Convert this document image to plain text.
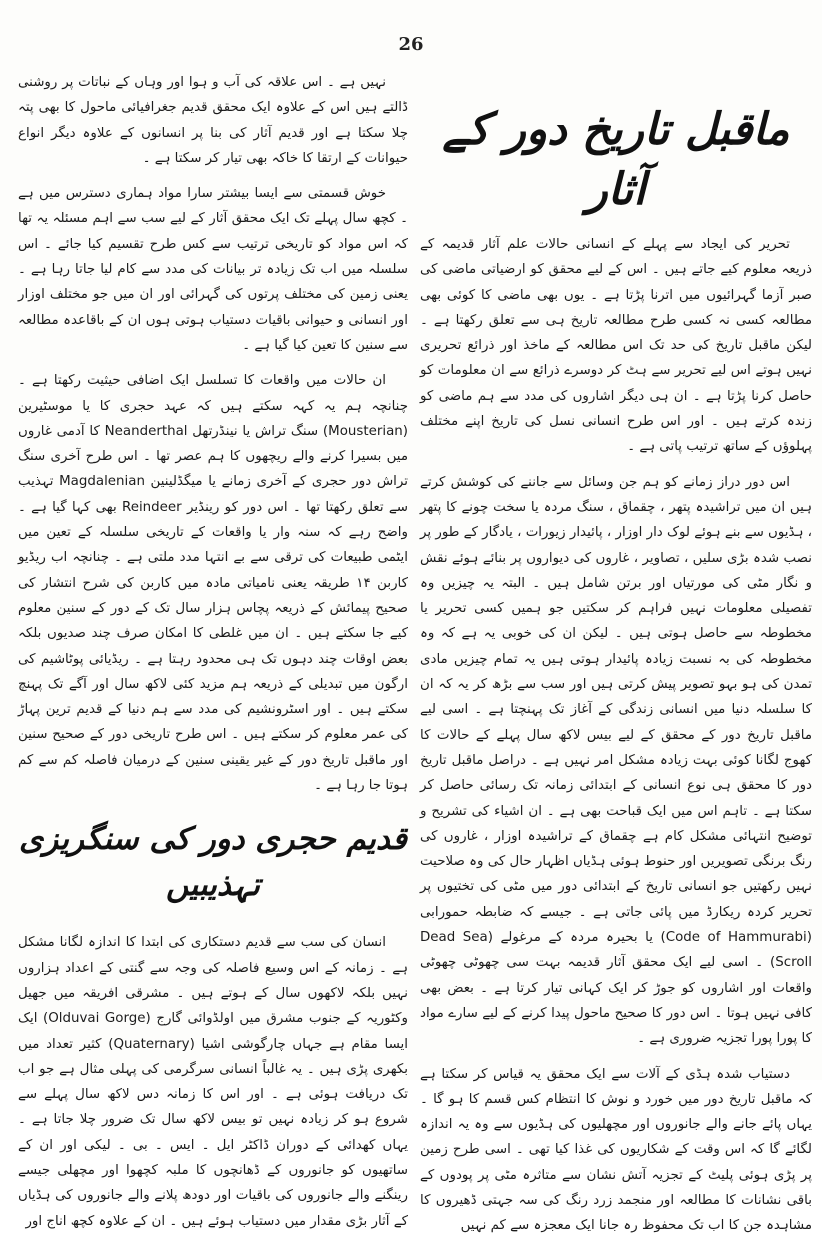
26
ماقبل تاریخ دور کے آثار

تحریر کی ایجاد سے پہلے کے انسانی حالات علم آثار قدیمہ کے ذریعہ معلوم کیے جاتے ہیں ۔ اس کے لیے محقق کو ارضیاتی ماضی کی صبر آزما گہرائیوں میں اترنا پڑتا ہے ۔ یوں بھی ماضی کا کوئی بھی مطالعہ کسی نہ کسی طرح مطالعہ تاریخ ہی سے تعلق رکھتا ہے ۔ لیکن ماقبل تاریخ کی حد تک اس مطالعہ کے ماخذ اور ذرائع تحریری نہیں ہوتے اس لیے تحریر سے ہٹ کر دوسرے ذرائع سے ان معلومات کو حاصل کرنا پڑتا ہے ۔ ان ہی دیگر اشاروں کی مدد سے ہم ماضی کو زندہ کرتے ہیں ۔ اور اس طرح انسانی نسل کی تاریخ اپنے مختلف پہلوؤں کے ساتھ ترتیب پاتی ہے ۔

اس دور دراز زمانے کو ہم جن وسائل سے جاننے کی کوشش کرتے ہیں ان میں تراشیدہ پتھر ، چقماق ، سنگ مردہ یا سخت چونے کا پتھر ، ہڈیوں سے بنے ہوئے لوک دار اوزار ، پائیدار زیورات ، یادگار کے طور پر نصب شدہ بڑی سلیں ، تصاویر ، غاروں کی دیواروں پر بنائے ہوئے نقش و نگار مٹی کی مورتیاں اور برتن شامل ہیں ۔ البتہ یہ چیزیں وہ تفصیلی معلومات نہیں فراہم کر سکتیں جو ہمیں کسی تحریر یا مخطوطہ سے حاصل ہوتی ہیں ۔ لیکن ان کی خوبی یہ ہے کہ وہ مخطوطہ کی بہ نسبت زیادہ پائیدار ہوتی ہیں یہ تمام چیزیں مادی تمدن کی ہو بہو تصویر پیش کرتی ہیں اور سب سے بڑھ کر یہ کہ ان کا سلسلہ دنیا میں انسانی زندگی کے آغاز تک پہنچتا ہے ۔ اسی لیے ماقبل تاریخ دور کے محقق کے لیے بیس لاکھ سال پہلے کے حالات کا کھوج لگانا کوئی بہت زیادہ مشکل امر نہیں ہے ۔ دراصل ماقبل تاریخ دور کا محقق ہی نوع انسانی کے ابتدائی زمانہ تک رسائی حاصل کر سکتا ہے ۔ تاہم اس میں ایک قباحت بھی ہے ۔ ان اشیاء کی تشریح و توضیح انتہائی مشکل کام ہے چقماق کے تراشیدہ اوزار ، غاروں کی رنگ برنگی تصویریں اور حنوط ہوئی ہڈیاں اظہار حال کی وہ صلاحیت نہیں رکھتیں جو انسانی تاریخ کے ابتدائی دور میں مٹی کی تختیوں پر تحریر کردہ ریکارڈ میں پائی جاتی ہے ۔ جیسے کہ ضابطہ حمورابی (Code of Hammurabi) یا بحیرہ مردہ کے مرغولے (Dead Sea Scroll) ۔ اسی لیے ایک محقق آثار قدیمہ بہت سی چھوٹی چھوٹی واقعات اور اشاروں کو جوڑ کر ایک کہانی تیار کرتا ہے ۔ بعض بھی کافی نہیں ہوتا ۔ اس دور کا صحیح ماحول پیدا کرنے کے لیے سارے مواد کا پورا پورا تجزیہ ضروری ہے ۔

دستیاب شدہ ہڈی کے آلات سے ایک محقق یہ قیاس کر سکتا ہے کہ ماقبل تاریخ دور میں خورد و نوش کا انتظام کس قسم کا ہو گا ۔ یہاں پائے جانے والے جانوروں اور مچھلیوں کی ہڈیوں سے وہ یہ اندازہ لگائے گا کہ اس وقت کے شکاریوں کی غذا کیا تھی ۔ اسی طرح زمین پر پڑی ہوئی پلیٹ کے تجزیہ آتش نشان سے متاثرہ مٹی پر پودوں کے باقی نشانات کا مطالعہ اور منجمد زرد رنگ کی سہ جہتی ڈھیروں کا مشاہدہ جن کا اب تک محفوظ رہ جانا ایک معجزہ سے کم نہیں

نہیں ہے ۔ اس علاقہ کی آب و ہوا اور وہاں کے نباتات پر روشنی ڈالتے ہیں اس کے علاوہ ایک محقق قدیم جغرافیائی ماحول کا بھی پتہ چلا سکتا ہے اور قدیم آثار کی بنا پر انسانوں کے علاوہ دیگر انواع حیوانات کے ارتقا کا خاکہ بھی تیار کر سکتا ہے ۔

خوش قسمتی سے ایسا بیشتر سارا مواد ہماری دسترس میں ہے ۔ کچھ سال پہلے تک ایک محقق آثار کے لیے سب سے اہم مسئلہ یہ تھا کہ اس مواد کو تاریخی ترتیب سے کس طرح تقسیم کیا جائے ۔ اس سلسلہ میں اب تک زیادہ تر بیانات کی مدد سے کام لیا جاتا رہا ہے ۔ یعنی زمین کی مختلف پرتوں کی گہرائی اور ان میں جو مختلف اوزار اور انسانی و حیوانی باقیات دستیاب ہوتی ہوں ان کے باقاعدہ مطالعہ سے سنین کا تعین کیا گیا ہے ۔

ان حالات میں واقعات کا تسلسل ایک اضافی حیثیت رکھتا ہے ۔ چنانچہ ہم یہ کہہ سکتے ہیں کہ عہد حجری کا یا موسٹیرین (Mousterian) سنگ تراش یا نینڈرتھل Neanderthal کا آدمی غاروں میں بسیرا کرنے والے ریچھوں کا ہم عصر تھا ۔ اس طرح آخری سنگ تراش دور حجری کے آخری زمانے یا میگڈلینین Magdalenian تہذیب سے تعلق رکھتا تھا ۔ اس دور کو رینڈیر Reindeer بھی کہا گیا ہے ۔ واضح رہے کہ سنہ وار یا واقعات کے تاریخی سلسلہ کے تعین میں ایٹمی طبیعات کی ترقی سے بے انتہا مدد ملتی ہے ۔ چنانچہ اب ریڈیو کاربن ۱۴ طریقہ یعنی نامیاتی مادہ میں کاربن کی شرح انتشار کی صحیح پیمائش کے ذریعہ پچاس ہزار سال تک کے دور کے سنین معلوم کیے جا سکتے ہیں ۔ ان میں غلطی کا امکان صرف چند صدیوں بلکہ بعض اوقات چند دہوں تک ہی محدود رہتا ہے ۔ ریڈیائی پوٹاشیم کی ارگون میں تبدیلی کے ذریعہ ہم مزید کئی لاکھ سال اور آگے تک پہنچ سکتے ہیں ۔ اور اسٹرونشیم کی مدد سے ہم دنیا کے قدیم ترین پہاڑ کی عمر معلوم کر سکتے ہیں ۔ اس طرح تاریخی دور کے صحیح سنین اور ماقبل تاریخ دور کے غیر یقینی سنین کے درمیان فاصلہ کم سے کم ہوتا جا رہا ہے ۔

قدیم حجری دور کی سنگریزی تہذیبیں

انسان کی سب سے قدیم دستکاری کی ابتدا کا اندازہ لگانا مشکل ہے ۔ زمانہ کے اس وسیع فاصلہ کی وجہ سے گنتی کے اعداد ہزاروں نہیں بلکہ لاکھوں سال کے ہوتے ہیں ۔ مشرقی افریقہ میں جھیل وکٹوریہ کے جنوب مشرق میں اولڈوائی گارج (Olduvai Gorge) ایک ایسا مقام ہے جہاں چارگوشی اشیا (Quaternary) کثیر تعداد میں بکھری پڑی ہیں ۔ یہ غالباً انسانی سرگرمی کی پہلی مثال ہے جو اب تک دریافت ہوئی ہے ۔ اور اس کا زمانہ دس لاکھ سال پہلے سے شروع ہو کر زیادہ نہیں تو بیس لاکھ سال تک ضرور چلا جاتا ہے ۔ یہاں کھدائی کے دوران ڈاکٹر ایل ۔ ایس ۔ بی ۔ لیکی اور ان کے ساتھیوں کو جانوروں کے ڈھانچوں کا ملبہ کچھوا اور مچھلی جیسے رینگنے والے جانوروں کی باقیات اور دودھ پلانے والے جانوروں کی ہڈیاں کے آثار بڑی مقدار میں دستیاب ہوئے ہیں ۔ ان کے علاوہ کچھ اناج اور
